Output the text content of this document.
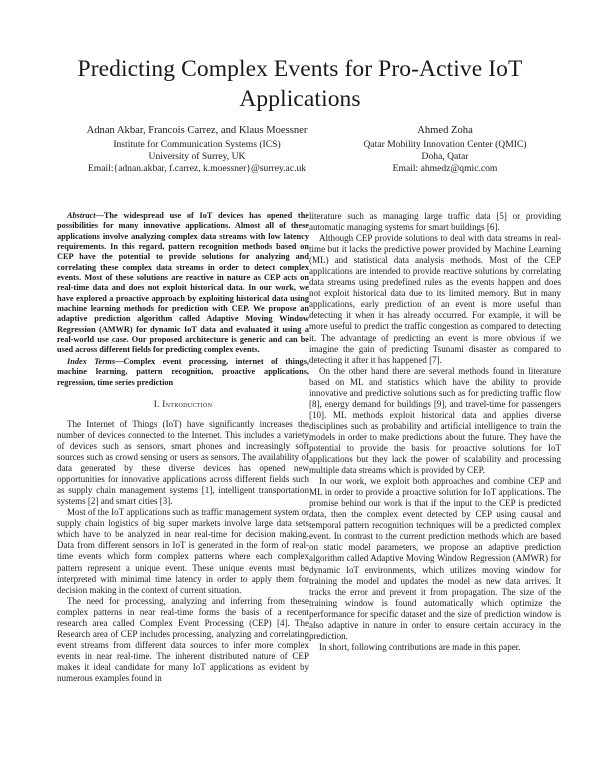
Predicting Complex Events for Pro-Active IoT Applications
Adnan Akbar, Francois Carrez, and Klaus Moessner
Institute for Communication Systems (ICS)
University of Surrey, UK
Email:{adnan.akbar, f.carrez, k.moessner}@surrey.ac.uk
Ahmed Zoha
Qatar Mobility Innovation Center (QMIC)
Doha, Qatar
Email: ahmedz@qmic.com

Abstract—The widespread use of IoT devices has opened the possibilities for many innovative applications. Almost all of these applications involve analyzing complex data streams with low latency requirements. In this regard, pattern recognition methods based on CEP have the potential to provide solutions for analyzing and correlating these complex data streams in order to detect complex events. Most of these solutions are reactive in nature as CEP acts on real-time data and does not exploit historical data. In our work, we have explored a proactive approach by exploiting historical data using machine learning methods for prediction with CEP. We propose an adaptive prediction algorithm called Adaptive Moving Window Regression (AMWR) for dynamic IoT data and evaluated it using a real-world use case. Our proposed architecture is generic and can be used across different fields for predicting complex events.

Index Terms—Complex event processing, internet of things, machine learning, pattern recognition, proactive applications, regression, time series prediction

I. Introduction

The Internet of Things (IoT) have significantly increases the number of devices connected to the Internet. This includes a variety of devices such as sensors, smart phones and increasingly soft sources such as crowd sensing or users as sensors. The availability of data generated by these diverse devices has opened new opportunities for innovative applications across different fields such as supply chain management systems [1], intelligent transportation systems [2] and smart cities [3].

Most of the IoT applications such as traffic management system or supply chain logistics of big super markets involve large data sets which have to be analyzed in near real-time for decision making. Data from different sensors in IoT is generated in the form of real-time events which form complex patterns where each complex pattern represent a unique event. These unique events must be interpreted with minimal time latency in order to apply them for decision making in the context of current situation.

The need for processing, analyzing and inferring from these complex patterns in near real-time forms the basis of a recent research area called Complex Event Processing (CEP) [4]. The Research area of CEP includes processing, analyzing and correlating event streams from different data sources to infer more complex events in near real-time. The inherent distributed nature of CEP makes it ideal candidate for many IoT applications as evident by numerous examples found in

literature such as managing large traffic data [5] or providing automatic managing systems for smart buildings [6].

Although CEP provide solutions to deal with data streams in real-time but it lacks the predictive power provided by Machine Learning (ML) and statistical data analysis methods. Most of the CEP applications are intended to provide reactive solutions by correlating data streams using predefined rules as the events happen and does not exploit historical data due to its limited memory. But in many applications, early prediction of an event is more useful than detecting it when it has already occurred. For example, it will be more useful to predict the traffic congestion as compared to detecting it. The advantage of predicting an event is more obvious if we imagine the gain of predicting Tsunami disaster as compared to detecting it after it has happened [7].

On the other hand there are several methods found in literature based on ML and statistics which have the ability to provide innovative and predictive solutions such as for predicting traffic flow [8], energy demand for buildings [9], and travel-time for passengers [10]. ML methods exploit historical data and applies diverse disciplines such as probability and artificial intelligence to train the models in order to make predictions about the future. They have the potential to provide the basis for proactive solutions for IoT applications but they lack the power of scalability and processing multiple data streams which is provided by CEP.

In our work, we exploit both approaches and combine CEP and ML in order to provide a proactive solution for IoT applications. The promise behind our work is that if the input to the CEP is predicted data, then the complex event detected by CEP using causal and temporal pattern recognition techniques will be a predicted complex event. In contrast to the current prediction methods which are based on static model parameters, we propose an adaptive prediction algorithm called Adaptive Moving Window Regression (AMWR) for dynamic IoT environments, which utilizes moving window for training the model and updates the model as new data arrives. It tracks the error and prevent it from propagation. The size of the training window is found automatically which optimize the performance for specific dataset and the size of prediction window is also adaptive in nature in order to ensure certain accuracy in the prediction.

In short, following contributions are made in this paper.
